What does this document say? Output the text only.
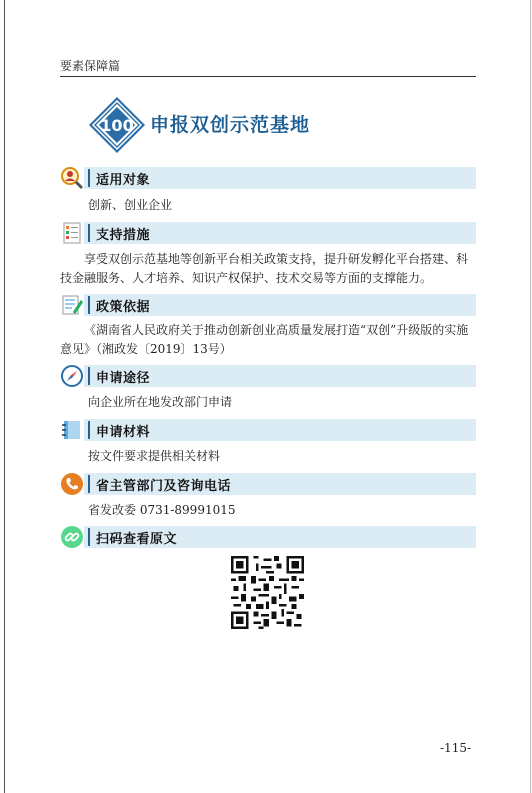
要素保障篇
100 申报双创示范基地
适用对象
创新、创业企业
支持措施
享受双创示范基地等创新平台相关政策支持，提升研发孵化平台搭建、科技金融服务、人才培养、知识产权保护、技术交易等方面的支撑能力。
政策依据
《湖南省人民政府关于推动创新创业高质量发展打造“双创”升级版的实施意见》（湘政发〔2019〕13号）
申请途径
向企业所在地发改部门申请
申请材料
按文件要求提供相关材料
省主管部门及咨询电话
省发改委 0731-89991015
扫码查看原文
-115-
